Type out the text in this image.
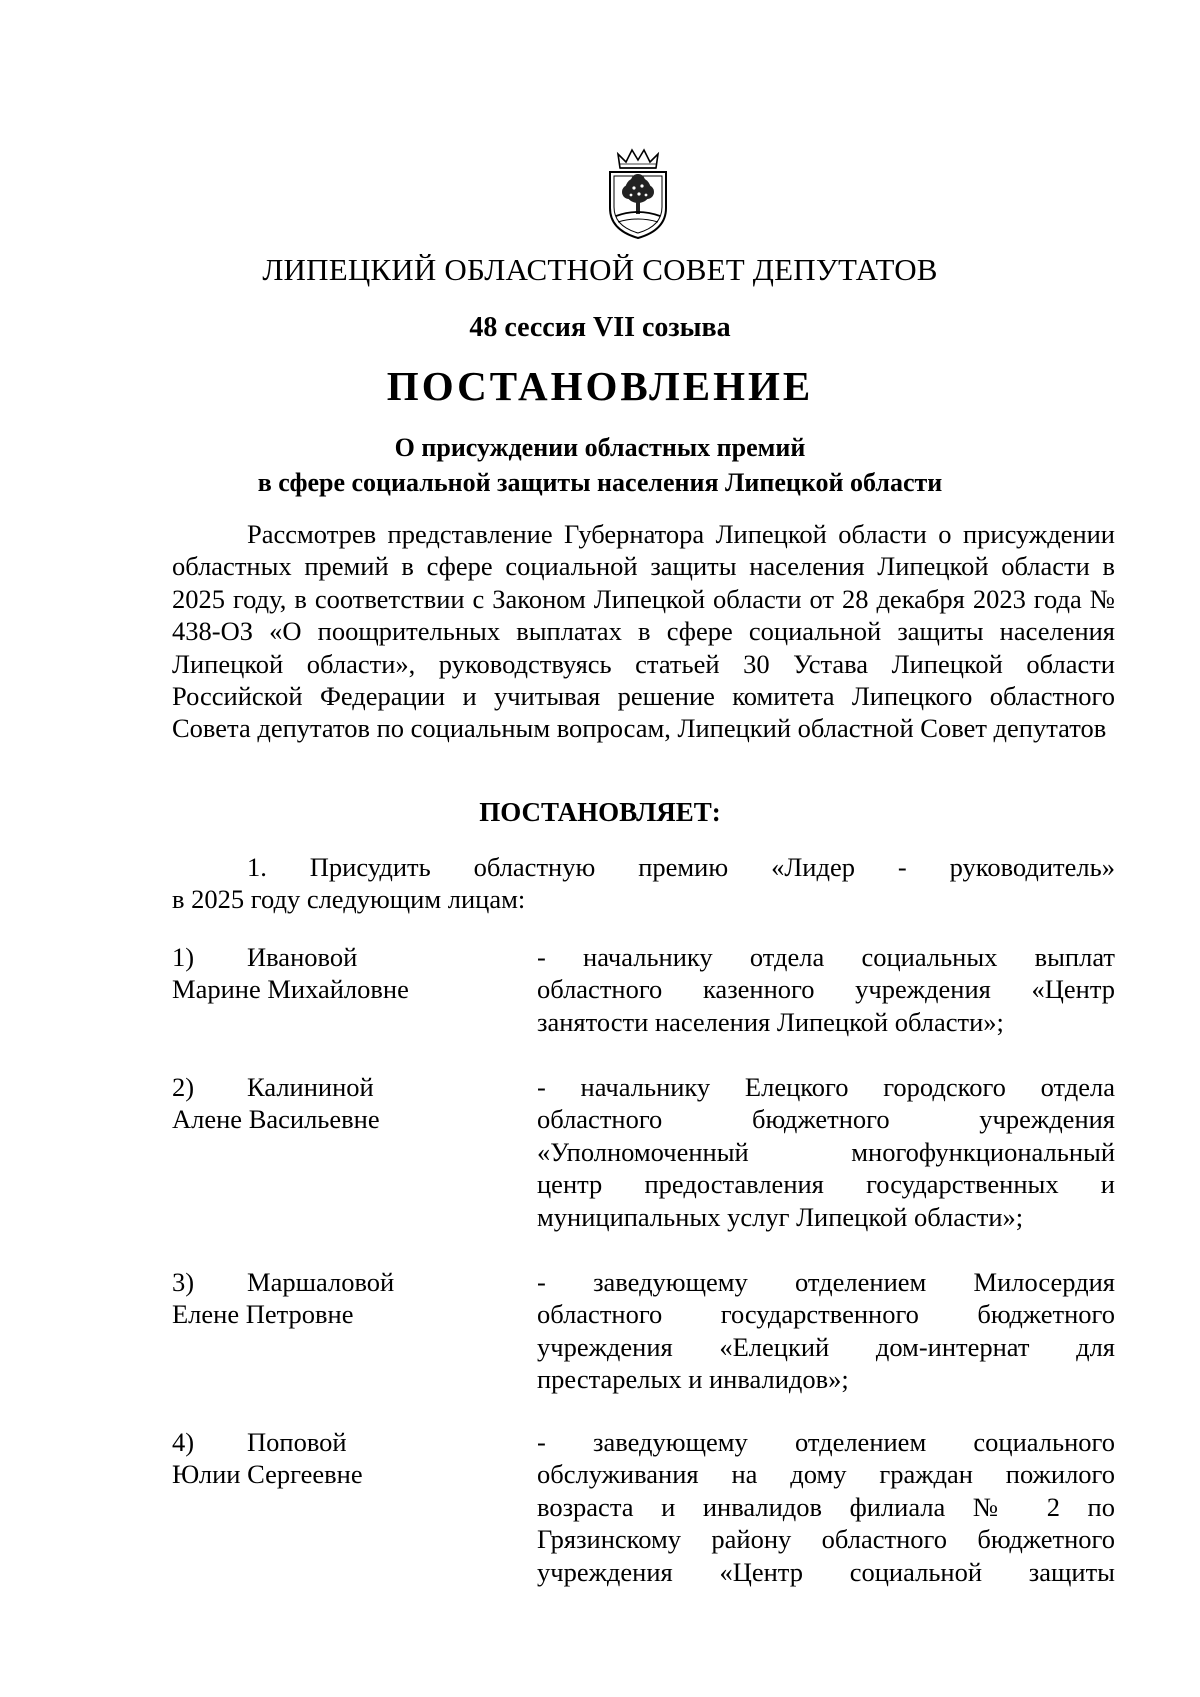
ЛИПЕЦКИЙ ОБЛАСТНОЙ СОВЕТ ДЕПУТАТОВ
48 сессия VII созыва
ПОСТАНОВЛЕНИЕ
О присуждении областных премий
в сфере социальной защиты населения Липецкой области

Рассмотрев представление Губернатора Липецкой области о присуждении областных премий в сфере социальной защиты населения Липецкой области в 2025 году, в соответствии с Законом Липецкой области от 28 декабря 2023 года № 438-ОЗ «О поощрительных выплатах в сфере социальной защиты населения Липецкой области», руководствуясь статьей 30 Устава Липецкой области Российской Федерации и учитывая решение комитета Липецкого областного Совета депутатов по социальным вопросам, Липецкий областной Совет депутатов

ПОСТАНОВЛЯЕТ:
1. Присудить областную премию «Лидер - руководитель»
в 2025 году следующим лицам:
1)	Ивановой
Марине Михайловне

- начальнику отдела социальных выплат

областного казенного учреждения «Центр

занятости населения Липецкой области»;

2)	Калининой
Алене Васильевне

- начальнику Елецкого городского отдела

областного бюджетного учреждения

«Уполномоченный многофункциональный

центр предоставления государственных и

муниципальных услуг Липецкой области»;

3)	Маршаловой
Елене Петровне

- заведующему отделением Милосердия

областного государственного бюджетного

учреждения «Елецкий дом-интернат для

престарелых и инвалидов»;

4)	Поповой
Юлии Сергеевне

- заведующему отделением социального

обслуживания на дому граждан пожилого

возраста и инвалидов филиала № 2 по

Грязинскому району областного бюджетного

учреждения «Центр социальной защиты
